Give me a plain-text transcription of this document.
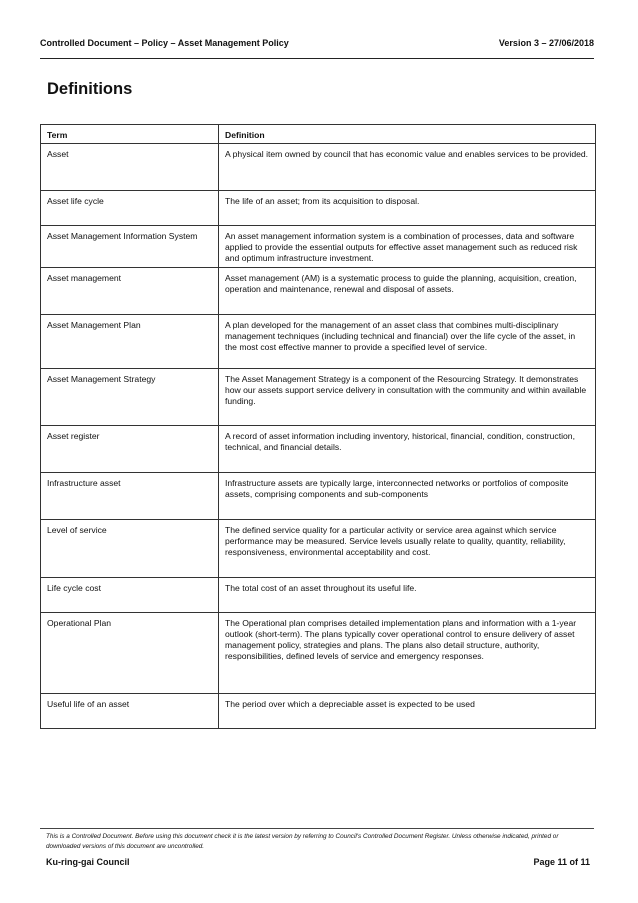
Controlled Document – Policy – Asset Management Policy	Version 3 – 27/06/2018
Definitions
Term	Definition
Asset	A physical item owned by council that has economic value and enables services to be provided.
Asset life cycle	The life of an asset; from its acquisition to disposal.
Asset Management Information System	An asset management information system is a combination of processes, data and software applied to provide the essential outputs for effective asset management such as reduced risk and optimum infrastructure investment.
Asset management	Asset management (AM) is a systematic process to guide the planning, acquisition, creation, operation and maintenance, renewal and disposal of assets.
Asset Management Plan	A plan developed for the management of an asset class that combines multi-disciplinary management techniques (including technical and financial) over the life cycle of the asset, in the most cost effective manner to provide a specified level of service.
Asset Management Strategy	The Asset Management Strategy is a component of the Resourcing Strategy. It demonstrates how our assets support service delivery in consultation with the community and within available funding.
Asset register	A record of asset information including inventory, historical, financial, condition, construction, technical, and financial details.
Infrastructure asset	Infrastructure assets are typically large, interconnected networks or portfolios of composite assets, comprising components and sub-components
Level of service	The defined service quality for a particular activity or service area against which service performance may be measured. Service levels usually relate to quality, quantity, reliability, responsiveness, environmental acceptability and cost.
Life cycle cost	The total cost of an asset throughout its useful life.
Operational Plan	The Operational plan comprises detailed implementation plans and information with a 1-year outlook (short-term). The plans typically cover operational control to ensure delivery of asset management policy, strategies and plans. The plans also detail structure, authority, responsibilities, defined levels of service and emergency responses.
Useful life of an asset	The period over which a depreciable asset is expected to be used
This is a Controlled Document. Before using this document check it is the latest version by referring to Council's Controlled Document Register. Unless otherwise indicated, printed or downloaded versions of this document are uncontrolled.
Ku-ring-gai Council	Page 11 of 11
